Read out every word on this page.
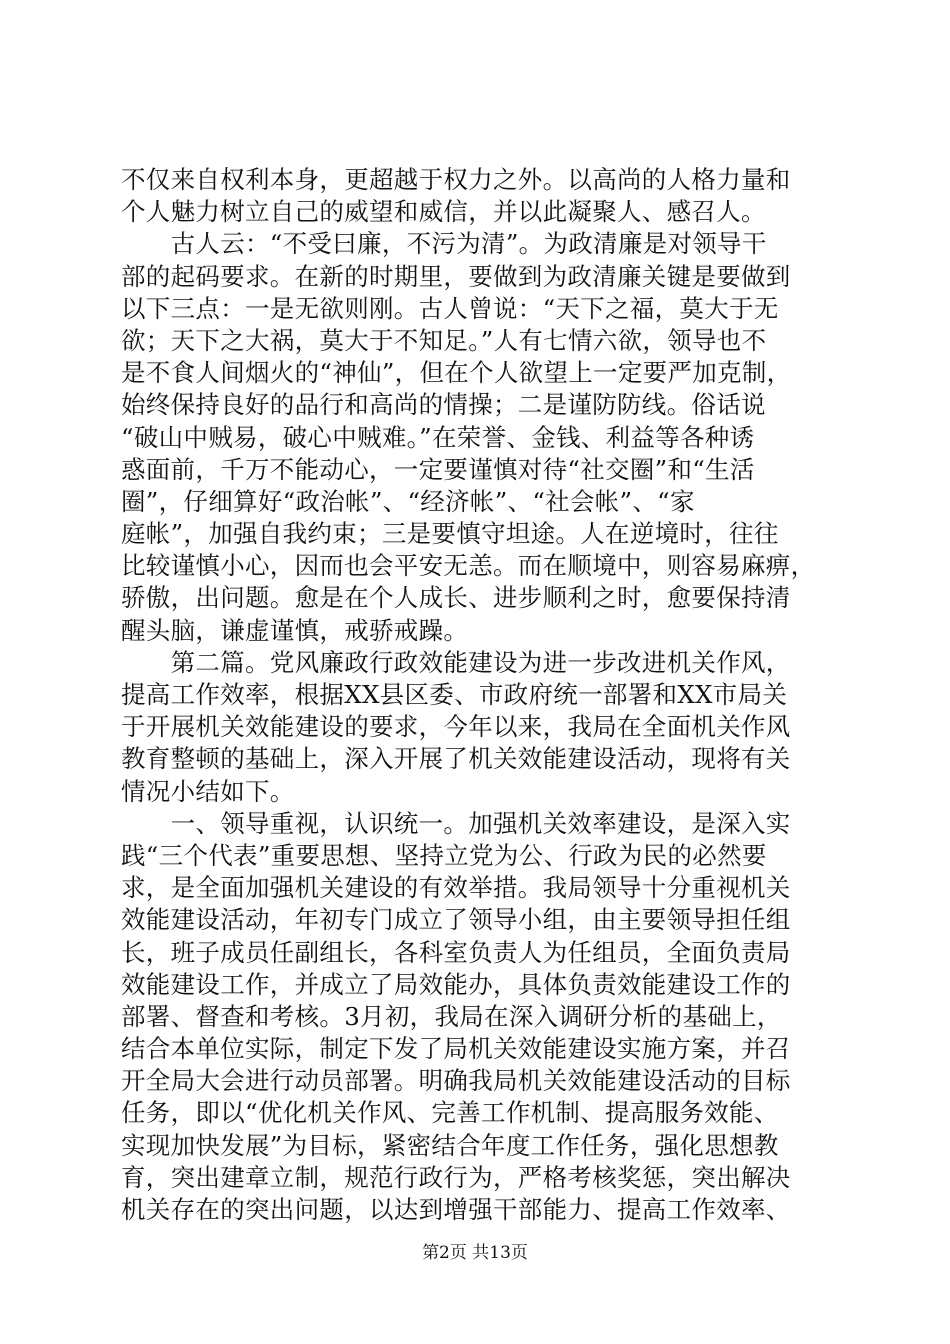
不仅来自权利本身，更超越于权力之外。以高尚的人格力量和
个人魅力树立自己的威望和威信，并以此凝聚人、感召人。
　　古人云：“不受曰廉，不污为清”。为政清廉是对领导干
部的起码要求。在新的时期里，要做到为政清廉关键是要做到
以下三点：一是无欲则刚。古人曾说：“天下之福，莫大于无
欲；天下之大祸，莫大于不知足。”人有七情六欲，领导也不
是不食人间烟火的“神仙”，但在个人欲望上一定要严加克制，
始终保持良好的品行和高尚的情操；二是谨防防线。俗话说
“破山中贼易，破心中贼难。”在荣誉、金钱、利益等各种诱
惑面前，千万不能动心，一定要谨慎对待“社交圈”和“生活
圈”，仔细算好“政治帐”、“经济帐”、“社会帐”、“家
庭帐”，加强自我约束；三是要慎守坦途。人在逆境时，往往
比较谨慎小心，因而也会平安无恙。而在顺境中，则容易麻痹，
骄傲，出问题。愈是在个人成长、进步顺利之时，愈要保持清
醒头脑，谦虚谨慎，戒骄戒躁。
　　第二篇。党风廉政行政效能建设为进一步改进机关作风，
提高工作效率，根据XX县区委、市政府统一部署和XX市局关
于开展机关效能建设的要求，今年以来，我局在全面机关作风
教育整顿的基础上，深入开展了机关效能建设活动，现将有关
情况小结如下。
　　一、领导重视，认识统一。加强机关效率建设，是深入实
践“三个代表”重要思想、坚持立党为公、行政为民的必然要
求，是全面加强机关建设的有效举措。我局领导十分重视机关
效能建设活动，年初专门成立了领导小组，由主要领导担任组
长，班子成员任副组长，各科室负责人为任组员，全面负责局
效能建设工作，并成立了局效能办，具体负责效能建设工作的
部署、督查和考核。3月初，我局在深入调研分析的基础上，
结合本单位实际，制定下发了局机关效能建设实施方案，并召
开全局大会进行动员部署。明确我局机关效能建设活动的目标
任务，即以“优化机关作风、完善工作机制、提高服务效能、
实现加快发展”为目标，紧密结合年度工作任务，强化思想教
育，突出建章立制，规范行政行为，严格考核奖惩，突出解决
机关存在的突出问题，以达到增强干部能力、提高工作效率、
第2页 共13页
